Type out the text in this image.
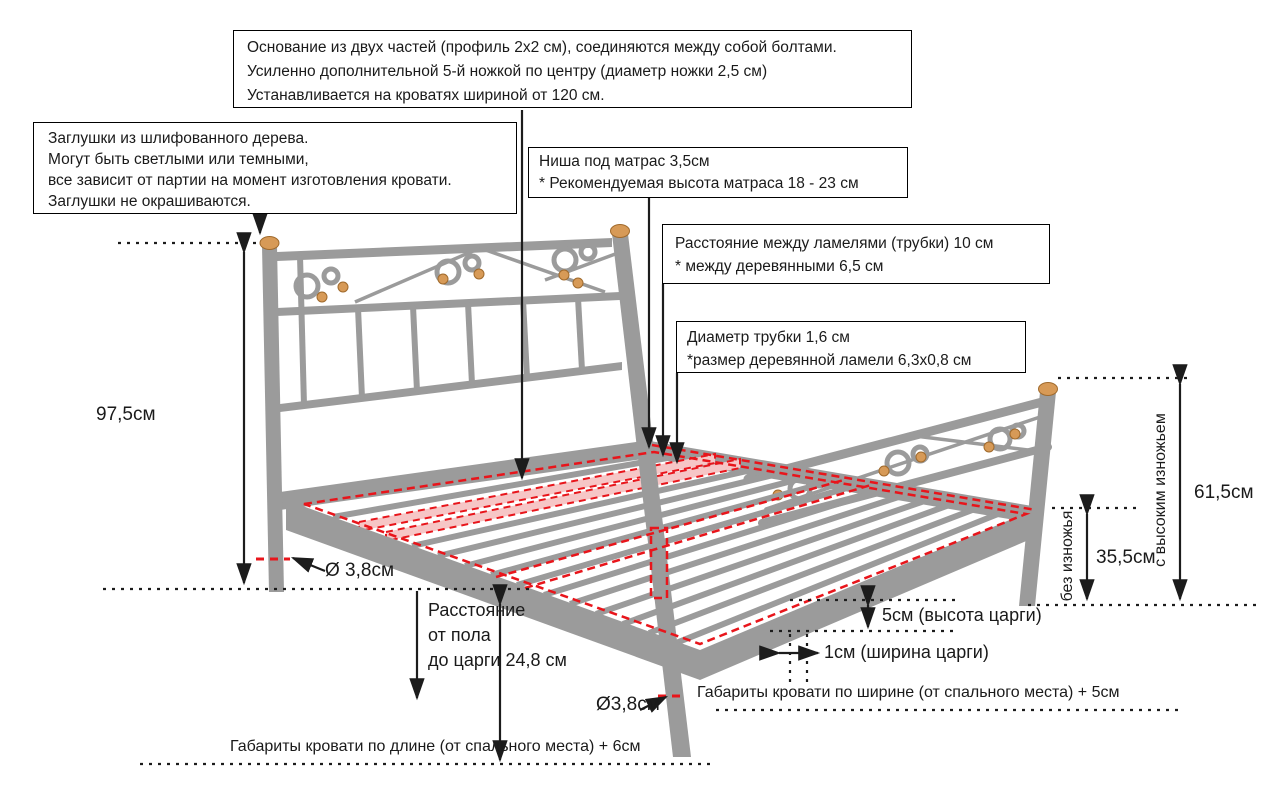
Основание из двух частей (профиль 2х2 см), соединяются между собой болтами.
Усиленно дополнительной 5-й ножкой по центру (диаметр ножки 2,5 см)
Устанавливается на кроватях шириной от 120 см.
Заглушки из шлифованного дерева.
Могут быть светлыми или темными,
все зависит от партии на момент изготовления кровати.
Заглушки не окрашиваются.
Ниша под матрас 3,5см
* Рекомендуемая высота матраса 18 - 23 см
Расстояние между ламелями (трубки) 10 см
* между деревянными 6,5 см
Диаметр трубки 1,6 см
*размер деревянной ламели 6,3х0,8 см
97,5см
Ø 3,8см
Расстояние
от пола
до царги 24,8 см
Ø3,8см
5см (высота царги)
1см (ширина царги)
Габариты кровати по ширине (от спального места) + 5см
Габариты кровати по длине (от спального места) + 6см
без изножья 35,5см
с высоким изножьем 61,5см
